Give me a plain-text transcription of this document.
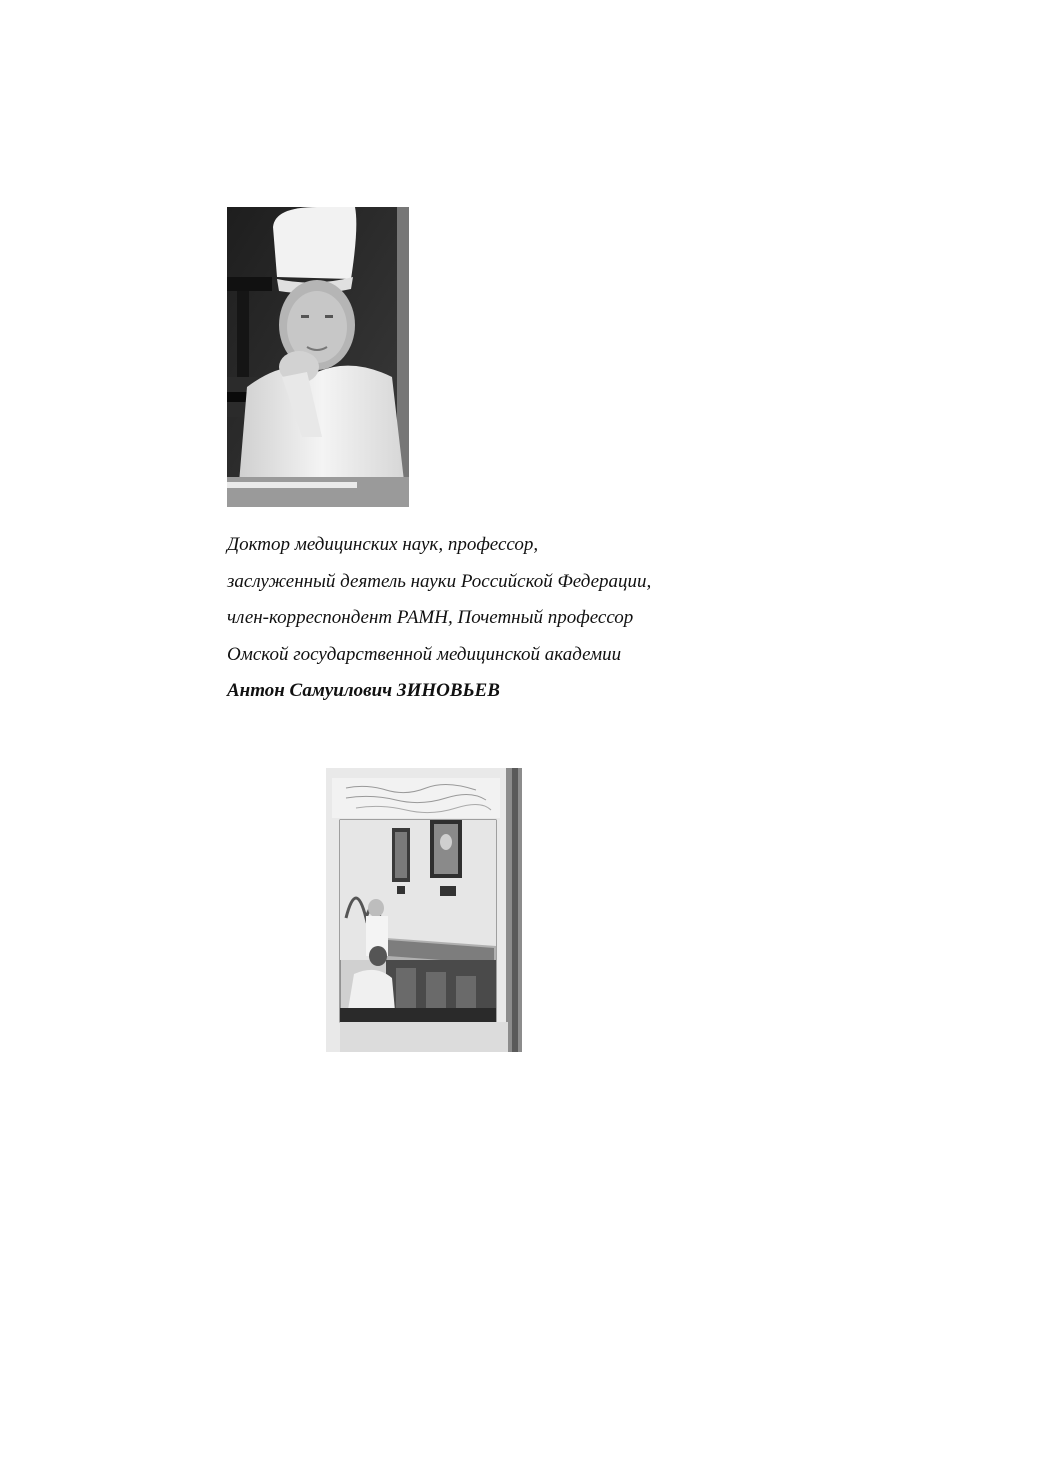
Доктор медицинских наук, профессор,
заслуженный деятель науки Российской Федерации,
член-корреспондент РАМН, Почетный профессор
Омской государственной медицинской академии
Антон Самуилович ЗИНОВЬЕВ
